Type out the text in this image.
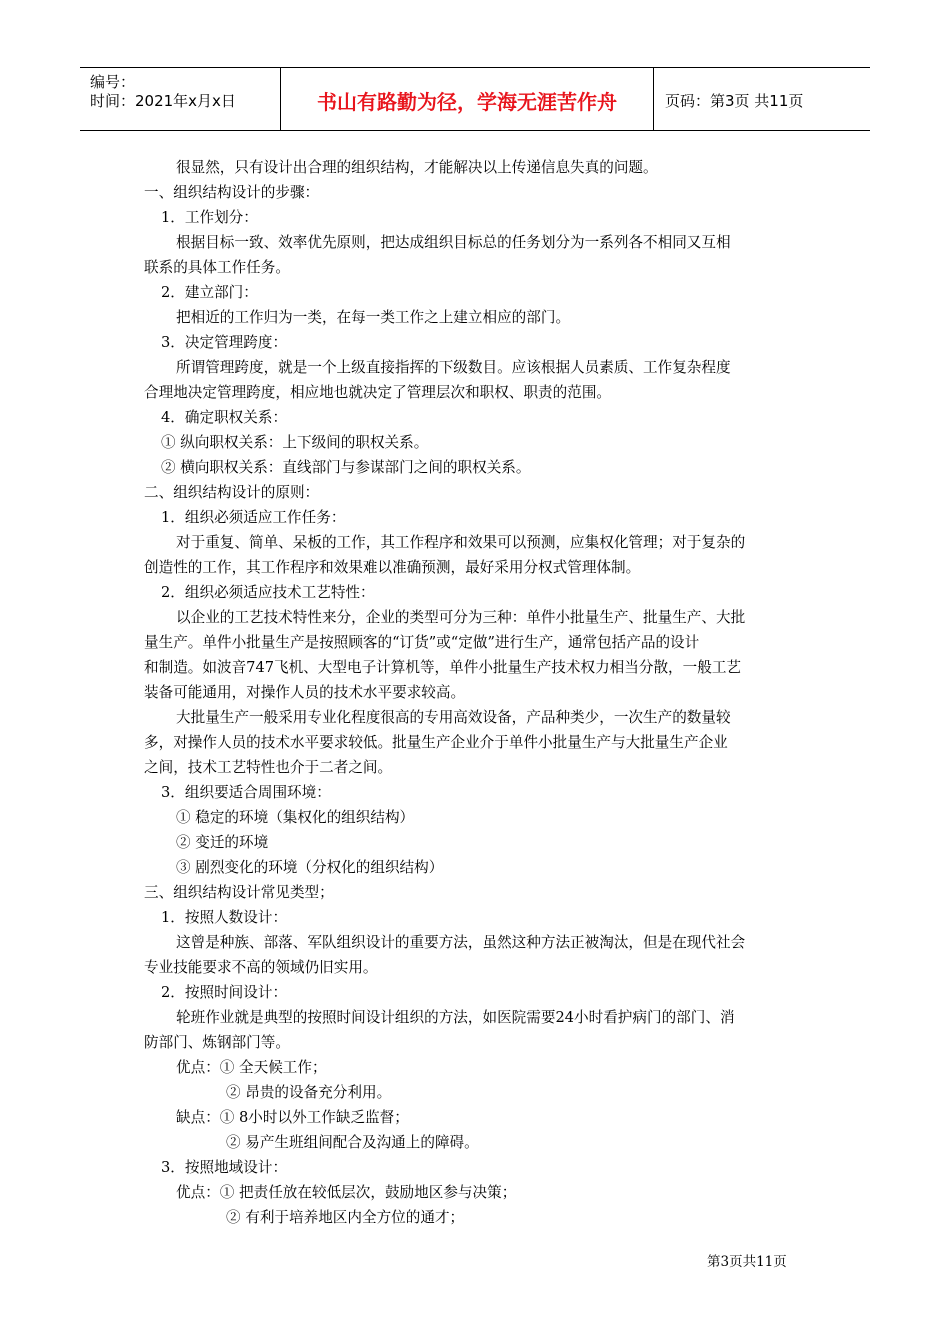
编号：
时间：2021年x月x日	书山有路勤为径，学海无涯苦作舟	页码：第3页 共11页
很显然，只有设计出合理的组织结构，才能解决以上传递信息失真的问题。
一、组织结构设计的步骤：
1．工作划分：
根据目标一致、效率优先原则，把达成组织目标总的任务划分为一系列各不相同又互相
联系的具体工作任务。
2．建立部门：
把相近的工作归为一类，在每一类工作之上建立相应的部门。
3．决定管理跨度：
所谓管理跨度，就是一个上级直接指挥的下级数目。应该根据人员素质、工作复杂程度
合理地决定管理跨度，相应地也就决定了管理层次和职权、职责的范围。
4．确定职权关系：
① 纵向职权关系：上下级间的职权关系。
② 横向职权关系：直线部门与参谋部门之间的职权关系。
二、组织结构设计的原则：
1．组织必须适应工作任务：
对于重复、简单、呆板的工作，其工作程序和效果可以预测，应集权化管理；对于复杂的
创造性的工作，其工作程序和效果难以准确预测，最好采用分权式管理体制。
2．组织必须适应技术工艺特性：
以企业的工艺技术特性来分，企业的类型可分为三种：单件小批量生产、批量生产、大批
量生产。单件小批量生产是按照顾客的“订货”或“定做”进行生产，通常包括产品的设计
和制造。如波音747飞机、大型电子计算机等，单件小批量生产技术权力相当分散，一般工艺
装备可能通用，对操作人员的技术水平要求较高。
大批量生产一般采用专业化程度很高的专用高效设备，产品种类少，一次生产的数量较
多，对操作人员的技术水平要求较低。批量生产企业介于单件小批量生产与大批量生产企业
之间，技术工艺特性也介于二者之间。
3．组织要适合周围环境：
① 稳定的环境（集权化的组织结构）
② 变迁的环境
③ 剧烈变化的环境（分权化的组织结构）
三、组织结构设计常见类型；
1．按照人数设计：
这曾是种族、部落、军队组织设计的重要方法，虽然这种方法正被淘汰，但是在现代社会
专业技能要求不高的领域仍旧实用。
2．按照时间设计：
轮班作业就是典型的按照时间设计组织的方法，如医院需要24小时看护病门的部门、消
防部门、炼钢部门等。
优点：① 全天候工作；
② 昂贵的设备充分利用。
缺点：① 8小时以外工作缺乏监督；
② 易产生班组间配合及沟通上的障碍。
3．按照地域设计：
优点：① 把责任放在较低层次，鼓励地区参与决策；
② 有利于培养地区内全方位的通才；
第3页共11页
